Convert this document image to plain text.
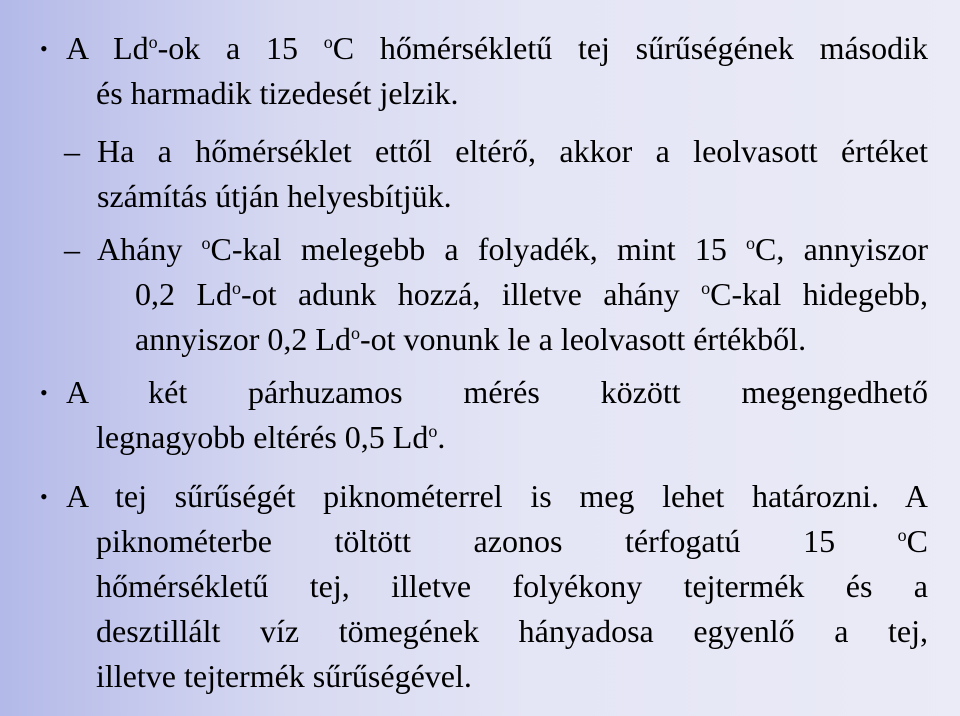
• A Ld$^o$-ok a 15 $^o$C hőmérsékletű tej sűrűségének második
és harmadik tizedesét jelzik.
– Ha a hőmérséklet ettől eltérő, akkor a leolvasott értéket
számítás útján helyesbítjük.
– Ahány $^o$C-kal melegebb a folyadék, mint 15 $^o$C, annyiszor
0,2 Ld$^o$-ot adunk hozzá, illetve ahány $^o$C-kal hidegebb,
annyiszor 0,2 Ld$^o$-ot vonunk le a leolvasott értékből.
• A két párhuzamos mérés között megengedhető
legnagyobb eltérés 0,5 Ld$^o$.
• A tej sűrűségét piknométerrel is meg lehet határozni. A
piknométerbe töltött azonos térfogatú 15 $^o$C
hőmérsékletű tej, illetve folyékony tejtermék és a
desztillált víz tömegének hányadosa egyenlő a tej,
illetve tejtermék sűrűségével.
